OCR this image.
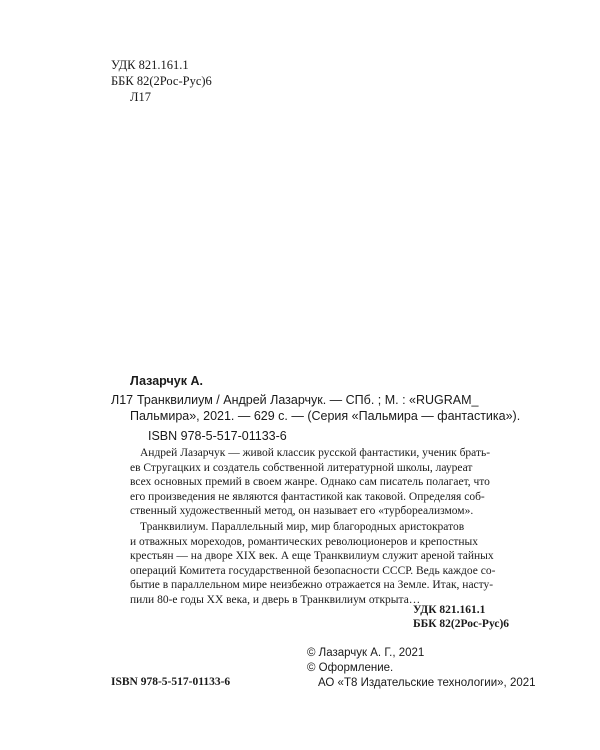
УДК 821.161.1
ББК 82(2Рос-Рус)6
Л17
Лазарчук А.
Л17 Транквилиум / Андрей Лазарчук. — СПб. ; М. : «RUGRAM_
Пальмира», 2021. — 629 с. — (Серия «Пальмира — фантастика»).
ISBN 978-5-517-01133-6
Андрей Лазарчук — живой классик русской фантастики, ученик брать-
ев Стругацких и создатель собственной литературной школы, лауреат
всех основных премий в своем жанре. Однако сам писатель полагает, что
его произведения не являются фантастикой как таковой. Определяя соб-
ственный художественный метод, он называет его «турбореализмом».
Транквилиум. Параллельный мир, мир благородных аристократов
и отважных мореходов, романтических революционеров и крепостных
крестьян — на дворе XIX век. А еще Транквилиум служит ареной тайных
операций Комитета государственной безопасности СССР. Ведь каждое со-
бытие в параллельном мире неизбежно отражается на Земле. Итак, насту-
пили 80-е годы XX века, и дверь в Транквилиум открыта…
УДК 821.161.1
ББК 82(2Рос-Рус)6
© Лазарчук А. Г., 2021
© Оформление.
АО «Т8 Издательские технологии», 2021
ISBN 978-5-517-01133-6
